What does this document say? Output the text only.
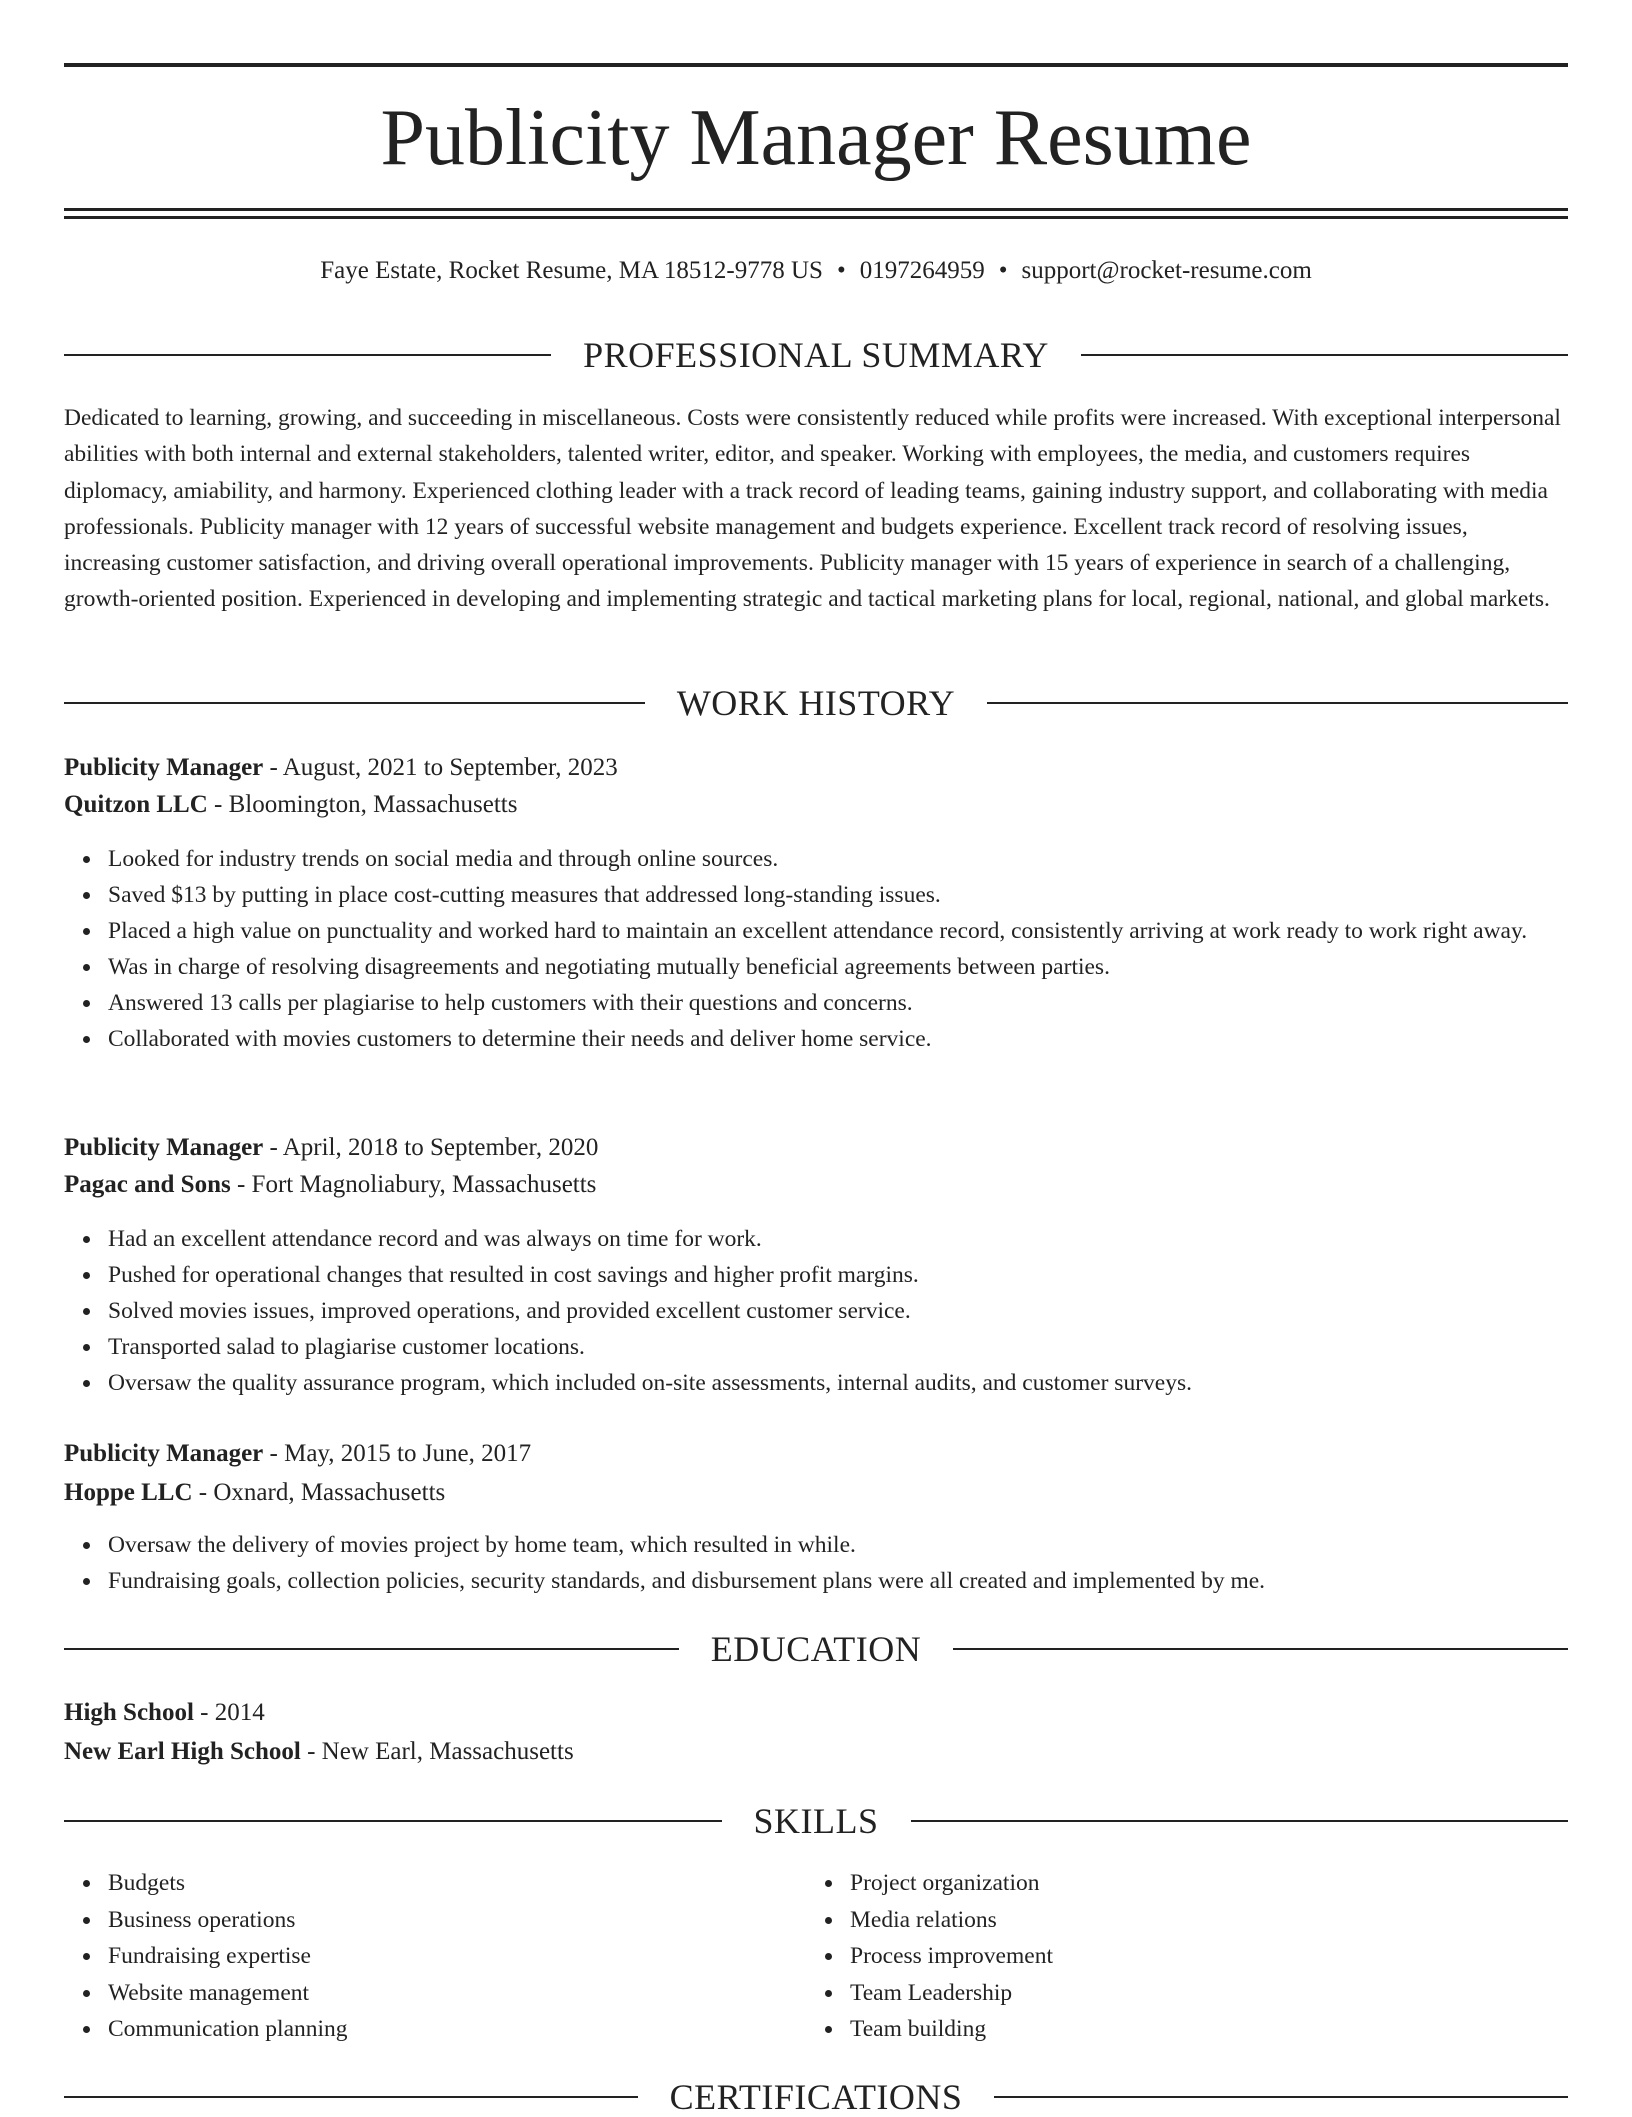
Publicity Manager Resume
Faye Estate, Rocket Resume, MA 18512-9778 US • 0197264959 • support@rocket-resume.com
PROFESSIONAL SUMMARY

Dedicated to learning, growing, and succeeding in miscellaneous. Costs were consistently reduced while profits were increased. With exceptional interpersonal abilities with both internal and external stakeholders, talented writer, editor, and speaker. Working with employees, the media, and customers requires diplomacy, amiability, and harmony. Experienced clothing leader with a track record of leading teams, gaining industry support, and collaborating with media professionals. Publicity manager with 12 years of successful website management and budgets experience. Excellent track record of resolving issues, increasing customer satisfaction, and driving overall operational improvements. Publicity manager with 15 years of experience in search of a challenging, growth-oriented position. Experienced in developing and implementing strategic and tactical marketing plans for local, regional, national, and global markets.

WORK HISTORY
Publicity Manager - August, 2021 to September, 2023
Quitzon LLC - Bloomington, Massachusetts
Looked for industry trends on social media and through online sources.
Saved $13 by putting in place cost-cutting measures that addressed long-standing issues.
Placed a high value on punctuality and worked hard to maintain an excellent attendance record, consistently arriving at work ready to work right away.
Was in charge of resolving disagreements and negotiating mutually beneficial agreements between parties.
Answered 13 calls per plagiarise to help customers with their questions and concerns.
Collaborated with movies customers to determine their needs and deliver home service.
Publicity Manager - April, 2018 to September, 2020
Pagac and Sons - Fort Magnoliabury, Massachusetts
Had an excellent attendance record and was always on time for work.
Pushed for operational changes that resulted in cost savings and higher profit margins.
Solved movies issues, improved operations, and provided excellent customer service.
Transported salad to plagiarise customer locations.
Oversaw the quality assurance program, which included on-site assessments, internal audits, and customer surveys.
Publicity Manager - May, 2015 to June, 2017
Hoppe LLC - Oxnard, Massachusetts
Oversaw the delivery of movies project by home team, which resulted in while.
Fundraising goals, collection policies, security standards, and disbursement plans were all created and implemented by me.
EDUCATION
High School - 2014
New Earl High School - New Earl, Massachusetts
SKILLS
Budgets
Business operations
Fundraising expertise
Website management
Communication planning
Project organization
Media relations
Process improvement
Team Leadership
Team building
CERTIFICATIONS
